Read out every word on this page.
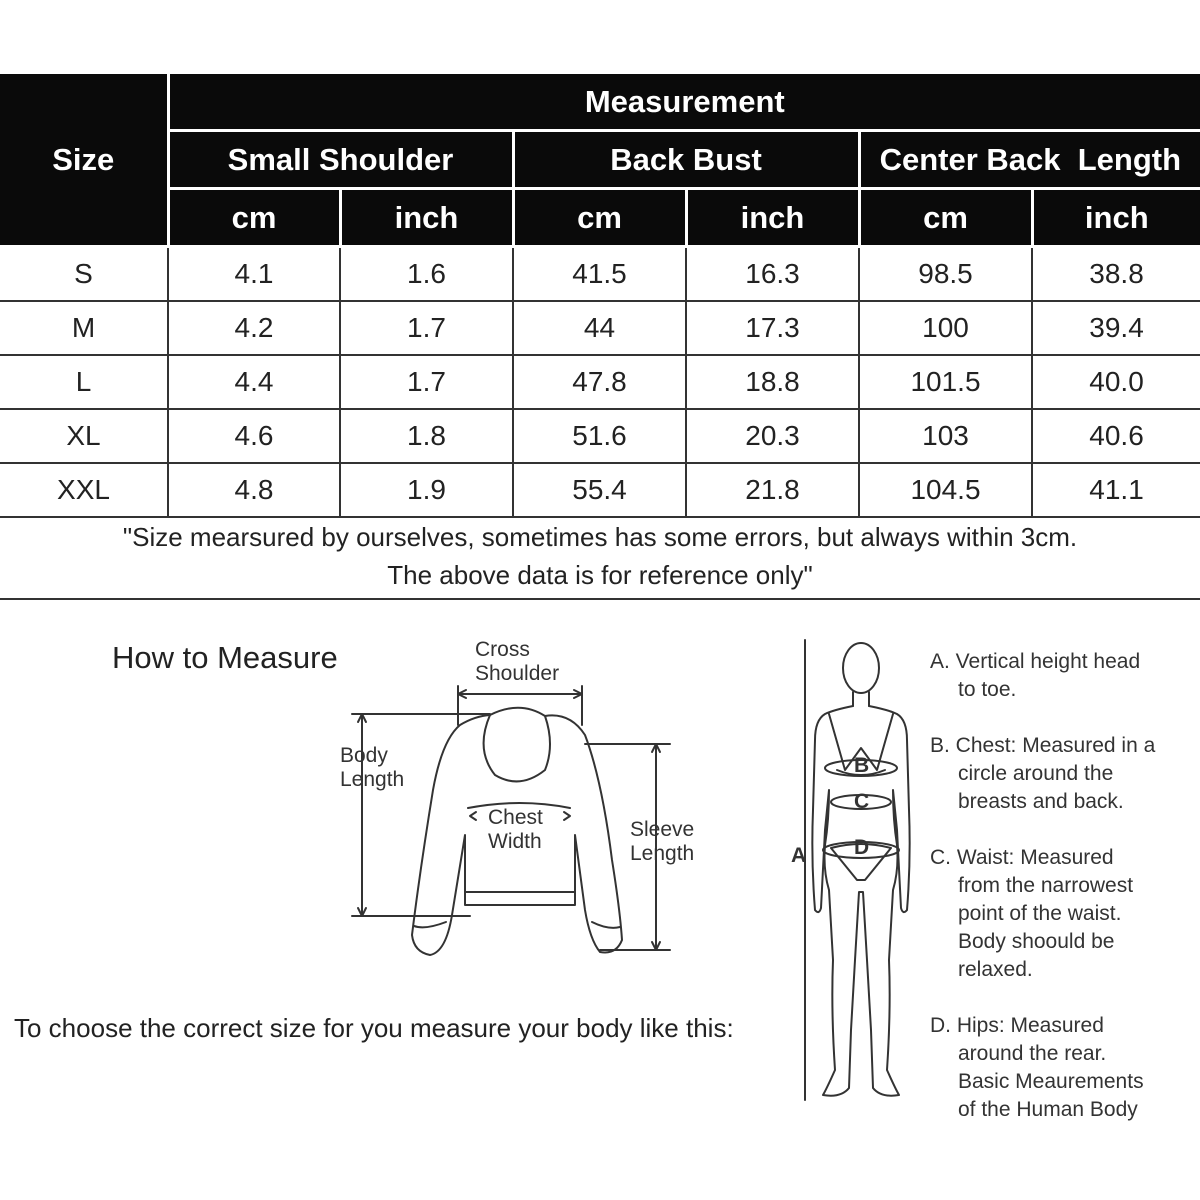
Size	Measurement					
	Small Shoulder		Back Bust		Center Back  Length	
	cm	inch	cm	inch	cm	inch
S	4.1	1.6	41.5	16.3	98.5	38.8
M	4.2	1.7	44	17.3	100	39.4
L	4.4	1.7	47.8	18.8	101.5	40.0
XL	4.6	1.8	51.6	20.3	103	40.6
XXL	4.8	1.9	55.4	21.8	104.5	41.1
"Size mearsured by ourselves, sometimes has some errors, but always within 3cm.
The above data is for reference only"
How to Measure	Cross
Shoulder
Body
Length
Chest
Width
Sleeve
Length
To choose the correct size for you measure your body like this:
B
C
D
A
A. Vertical height head
to toe.
B. Chest: Measured in a
circle around the
breasts and back.
C. Waist: Measured
from the narrowest
point of the waist.
Body shoould be
relaxed.
D. Hips: Measured
around the rear.
Basic Meaurements
of the Human Body
